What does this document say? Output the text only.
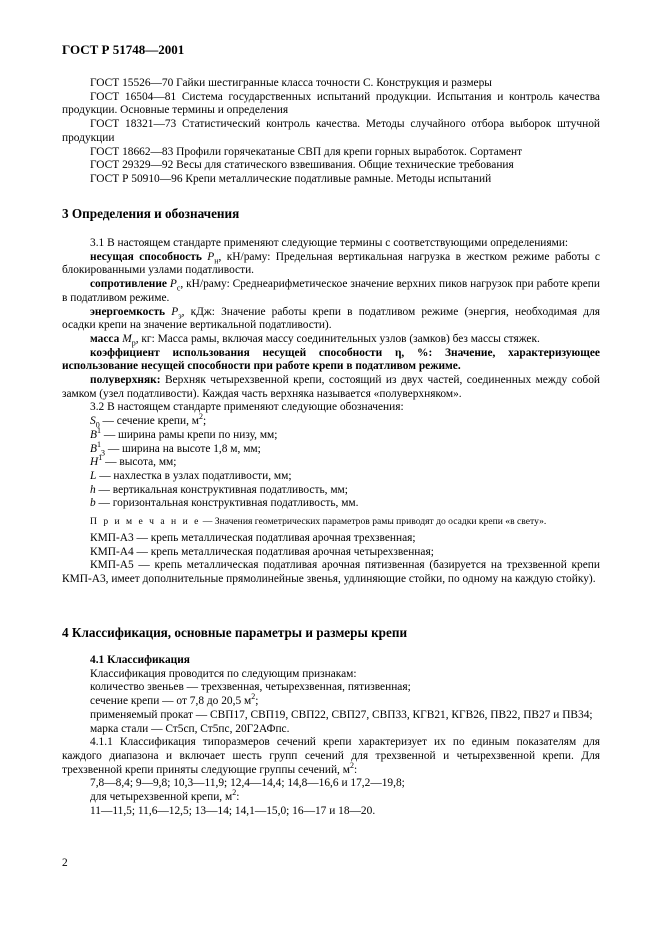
ГОСТ Р 51748—2001

ГОСТ 15526—70 Гайки шестигранные класса точности С. Конструкция и размеры

ГОСТ 16504—81 Система государственных испытаний продукции. Испытания и контроль качества продукции. Основные термины и определения

ГОСТ 18321—73 Статистический контроль качества. Методы случайного отбора выборок штучной продукции

ГОСТ 18662—83 Профили горячекатаные СВП для крепи горных выработок. Сортамент

ГОСТ 29329—92 Весы для статического взвешивания. Общие технические требования

ГОСТ Р 50910—96 Крепи металлические податливые рамные. Методы испытаний

3 Определения и обозначения

3.1 В настоящем стандарте применяют следующие термины с соответствующими определениями:

несущая способность $P_н$, кН/раму: Предельная вертикальная нагрузка в жестком режиме работы с блокированными узлами податливости.

сопротивление $P_с$, кН/раму: Среднеарифметическое значение верхних пиков нагрузок при работе крепи в податливом режиме.

энергоемкость $P_э$, кДж: Значение работы крепи в податливом режиме (энергия, необходимая для осадки крепи на значение вертикальной податливости).

масса $M_р$, кг: Масса рамы, включая массу соединительных узлов (замков) без массы стяжек.

коэффициент использования несущей способности η, %: Значение, характеризующее использование несущей способности при работе крепи в податливом режиме.

полуверхняк: Верхняк четырехзвенной крепи, состоящий из двух частей, соединенных между собой замком (узел податливости). Каждая часть верхняка называется «полуверхняком».

3.2 В настоящем стандарте применяют следующие обозначения:

$S_0$ — сечение крепи, $м^2$;

$B^1$ — ширина рамы крепи по низу, мм;

$B^1_3$ — ширина на высоте 1,8 м, мм;

$H^1$ — высота, мм;

L — нахлестка в узлах податливости, мм;

h — вертикальная конструктивная податливость, мм;

b — горизонтальная конструктивная податливость, мм.

П р и м е ч а н и е — Значения геометрических параметров рамы приводят до осадки крепи «в свету».

КМП-А3 — крепь металлическая податливая арочная трехзвенная;

КМП-А4 — крепь металлическая податливая арочная четырехзвенная;

КМП-А5 — крепь металлическая податливая арочная пятизвенная (базируется на трехзвенной крепи КМП-А3, имеет дополнительные прямолинейные звенья, удлиняющие стойки, по одному на каждую стойку).

4 Классификация, основные параметры и размеры крепи

4.1 Классификация

Классификация проводится по следующим признакам:

количество звеньев — трехзвенная, четырехзвенная, пятизвенная;

сечение крепи — от 7,8 до 20,5 $м^2$;

применяемый прокат — СВП17, СВП19, СВП22, СВП27, СВП33, КГВ21, КГВ26, ПВ22, ПВ27 и ПВ34;

марка стали — Ст5сп, Ст5пс, 20Г2АФпс.

4.1.1 Классификация типоразмеров сечений крепи характеризует их по единым показателям для каждого диапазона и включает шесть групп сечений для трехзвенной и четырехзвенной крепи. Для трехзвенной крепи приняты следующие группы сечений, $м^2$:

7,8—8,4; 9—9,8; 10,3—11,9; 12,4—14,4; 14,8—16,6 и 17,2—19,8;

для четырехзвенной крепи, $м^2$:

11—11,5; 11,6—12,5; 13—14; 14,1—15,0; 16—17 и 18—20.

2
